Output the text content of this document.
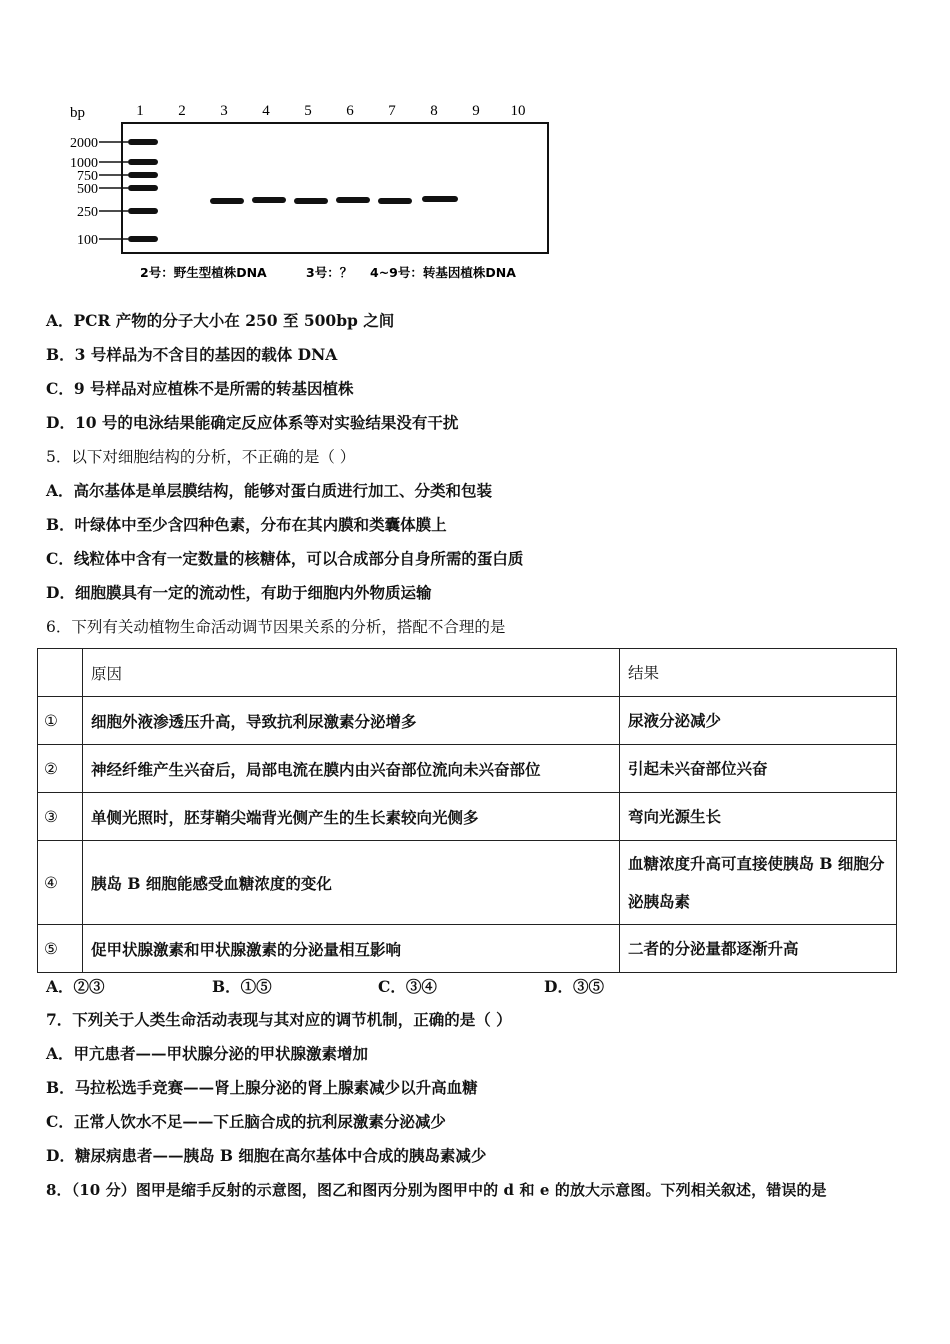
bp	1 2 3 4 5 6 7 8 9 10
2000
1000
750
500
250
100
2号：野生型植株DNA	3号：？ 4~9号：转基因植株DNA
A．PCR 产物的分子大小在 250 至 500bp 之间
B．3 号样品为不含目的基因的载体 DNA
C．9 号样品对应植株不是所需的转基因植株
D．10 号的电泳结果能确定反应体系等对实验结果没有干扰
5．以下对细胞结构的分析，不正确的是（ ）
A．高尔基体是单层膜结构，能够对蛋白质进行加工、分类和包装
B．叶绿体中至少含四种色素，分布在其内膜和类囊体膜上
C．线粒体中含有一定数量的核糖体，可以合成部分自身所需的蛋白质
D．细胞膜具有一定的流动性，有助于细胞内外物质运输
6．下列有关动植物生命活动调节因果关系的分析，搭配不合理的是
	原因	结果
①	细胞外液渗透压升高，导致抗利尿激素分泌增多	尿液分泌减少
②	神经纤维产生兴奋后，局部电流在膜内由兴奋部位流向未兴奋部位	引起未兴奋部位兴奋
③	单侧光照时，胚芽鞘尖端背光侧产生的生长素较向光侧多	弯向光源生长
④	胰岛 B 细胞能感受血糖浓度的变化	血糖浓度升高可直接使胰岛 B 细胞分泌胰岛素
⑤	促甲状腺激素和甲状腺激素的分泌量相互影响	二者的分泌量都逐渐升高
A．②③	B．①⑤	C．③④	D．③⑤
7．下列关于人类生命活动表现与其对应的调节机制，正确的是（ ）
A．甲亢患者——甲状腺分泌的甲状腺激素增加
B．马拉松选手竞赛——肾上腺分泌的肾上腺素减少以升高血糖
C．正常人饮水不足——下丘脑合成的抗利尿激素分泌减少
D．糖尿病患者——胰岛 B 细胞在高尔基体中合成的胰岛素减少
8．（10 分）图甲是缩手反射的示意图，图乙和图丙分别为图甲中的 d 和 e 的放大示意图。下列相关叙述，错误的是
